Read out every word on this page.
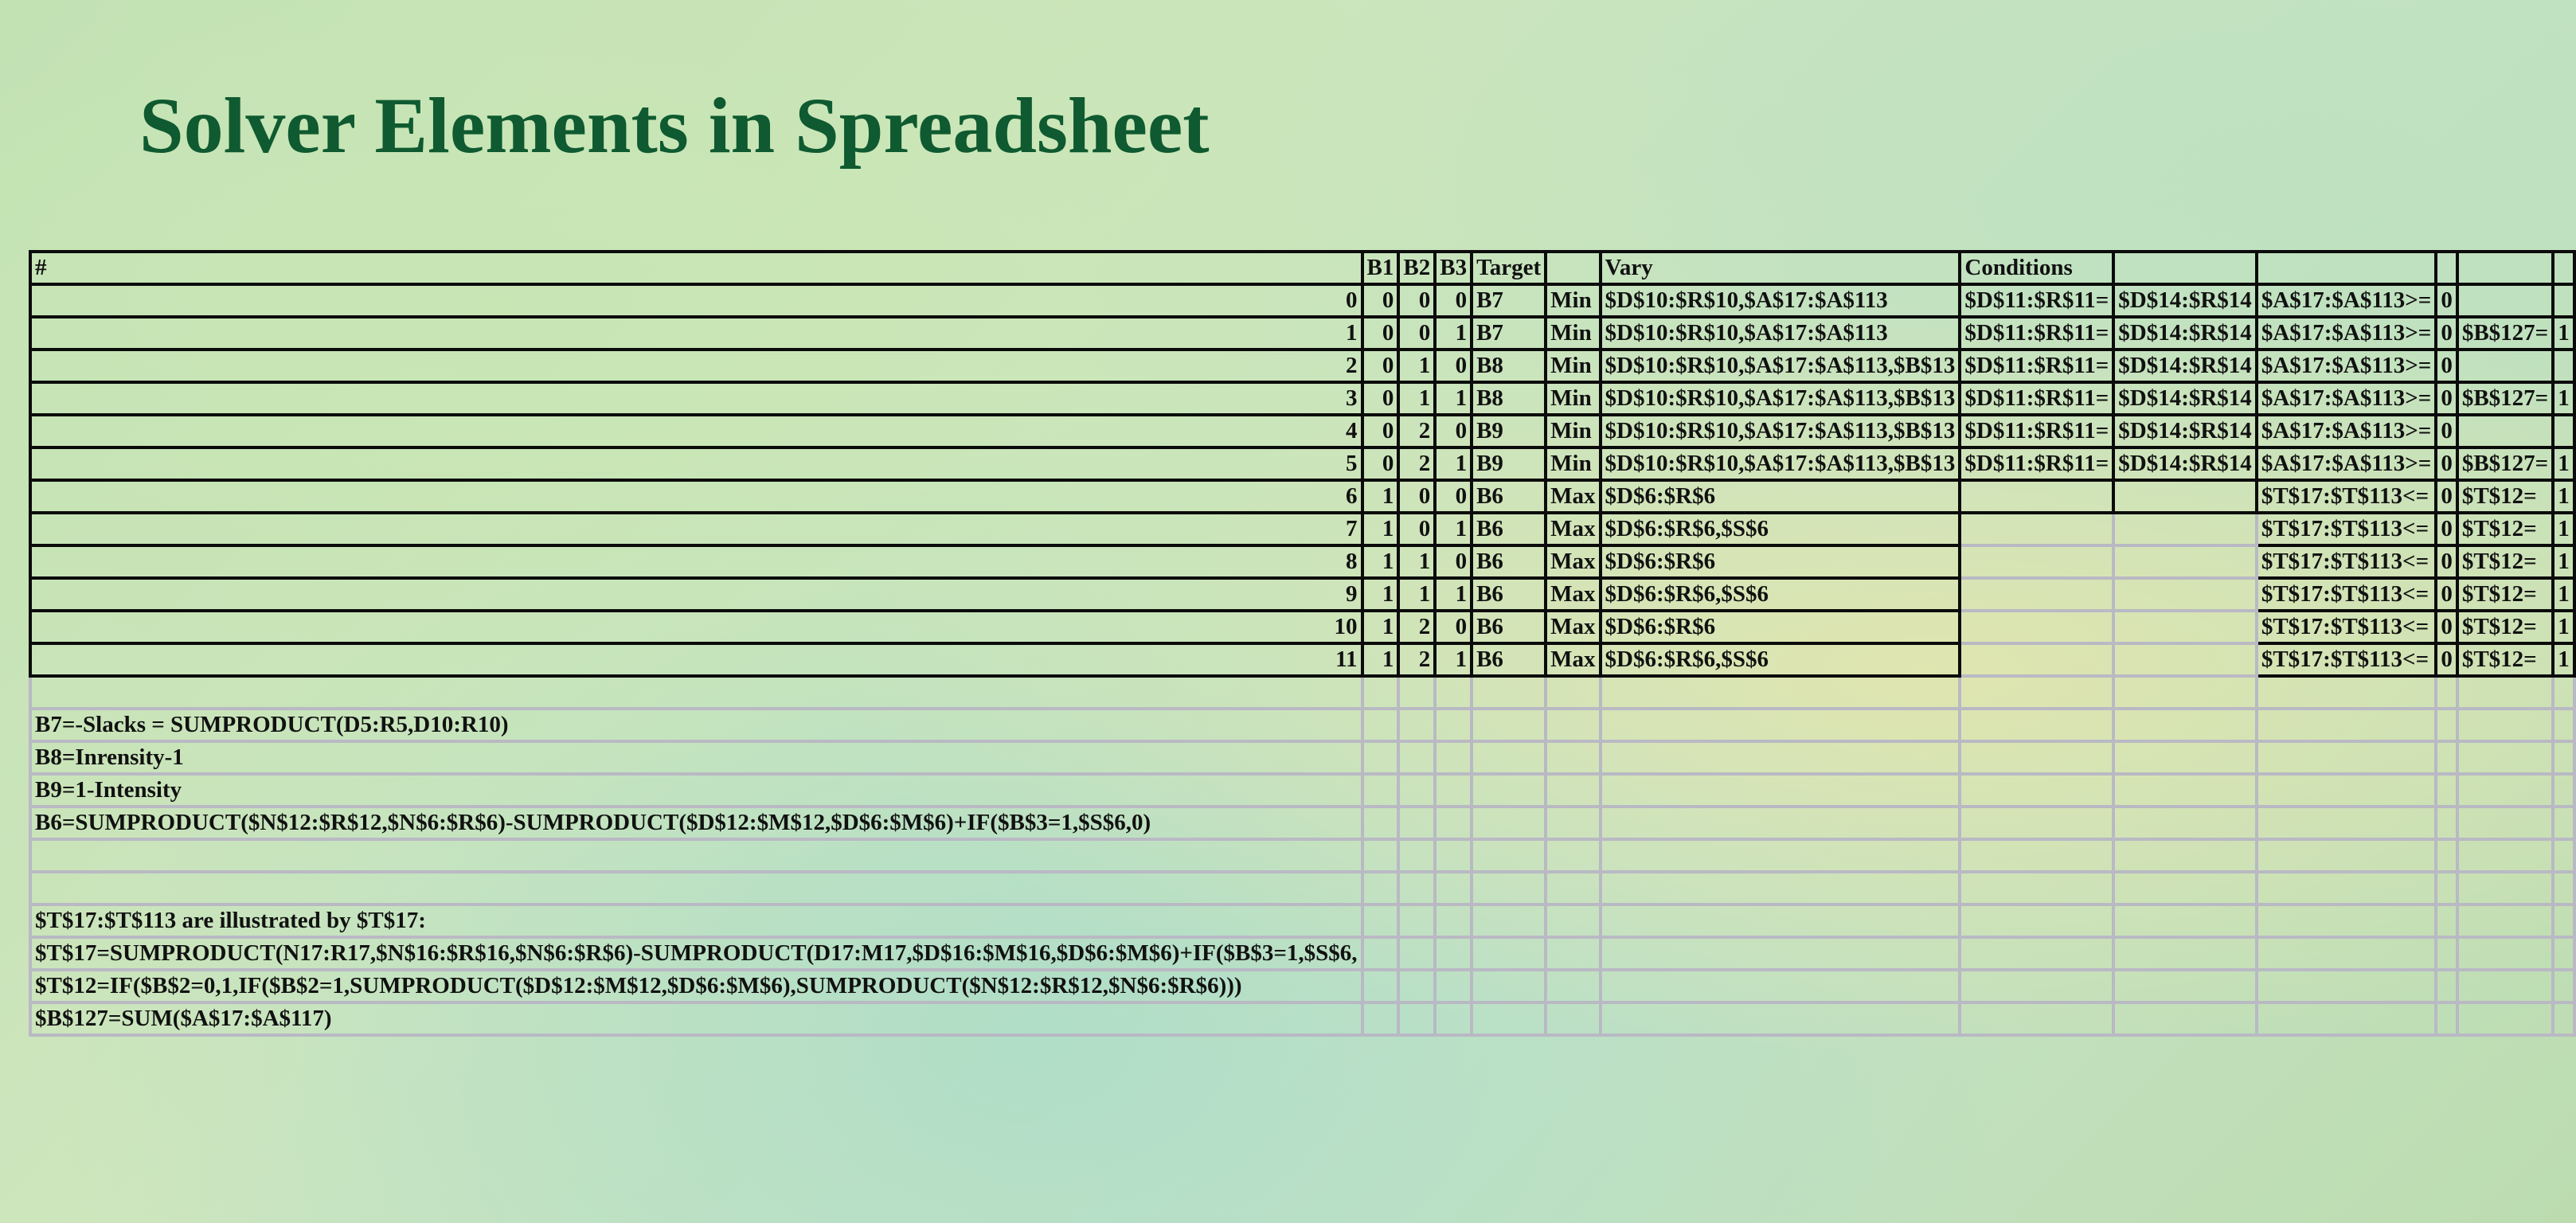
Solver Elements in Spreadsheet
#	B1	B2	B3	Target		Vary	Conditions					
0	0	0	0	B7	Min	$D$10:$R$10,$A$17:$A$113	$D$11:$R$11=	$D$14:$R$14	$A$17:$A$113>=	0		
1	0	0	1	B7	Min	$D$10:$R$10,$A$17:$A$113	$D$11:$R$11=	$D$14:$R$14	$A$17:$A$113>=	0	$B$127=	1
2	0	1	0	B8	Min	$D$10:$R$10,$A$17:$A$113,$B$13	$D$11:$R$11=	$D$14:$R$14	$A$17:$A$113>=	0		
3	0	1	1	B8	Min	$D$10:$R$10,$A$17:$A$113,$B$13	$D$11:$R$11=	$D$14:$R$14	$A$17:$A$113>=	0	$B$127=	1
4	0	2	0	B9	Min	$D$10:$R$10,$A$17:$A$113,$B$13	$D$11:$R$11=	$D$14:$R$14	$A$17:$A$113>=	0		
5	0	2	1	B9	Min	$D$10:$R$10,$A$17:$A$113,$B$13	$D$11:$R$11=	$D$14:$R$14	$A$17:$A$113>=	0	$B$127=	1
6	1	0	0	B6	Max	$D$6:$R$6			$T$17:$T$113<=	0	$T$12=	1
7	1	0	1	B6	Max	$D$6:$R$6,$S$6			$T$17:$T$113<=	0	$T$12=	1
8	1	1	0	B6	Max	$D$6:$R$6			$T$17:$T$113<=	0	$T$12=	1
9	1	1	1	B6	Max	$D$6:$R$6,$S$6			$T$17:$T$113<=	0	$T$12=	1
10	1	2	0	B6	Max	$D$6:$R$6			$T$17:$T$113<=	0	$T$12=	1
11	1	2	1	B6	Max	$D$6:$R$6,$S$6			$T$17:$T$113<=	0	$T$12=	1

B7=-Slacks = SUMPRODUCT(D5:R5,D10:R10)												
B8=Inrensity-1												
B9=1-Intensity												
B6=SUMPRODUCT($N$12:$R$12,$N$6:$R$6)-SUMPRODUCT($D$12:$M$12,$D$6:$M$6)+IF($B$3=1,$S$6,0)												

$T$17:$T$113 are illustrated by $T$17:												
$T$17=SUMPRODUCT(N17:R17,$N$16:$R$16,$N$6:$R$6)-SUMPRODUCT(D17:M17,$D$16:$M$16,$D$6:$M$6)+IF($B$3=1,$S$6,												
$T$12=IF($B$2=0,1,IF($B$2=1,SUMPRODUCT($D$12:$M$12,$D$6:$M$6),SUMPRODUCT($N$12:$R$12,$N$6:$R$6)))												
$B$127=SUM($A$17:$A$117)												
